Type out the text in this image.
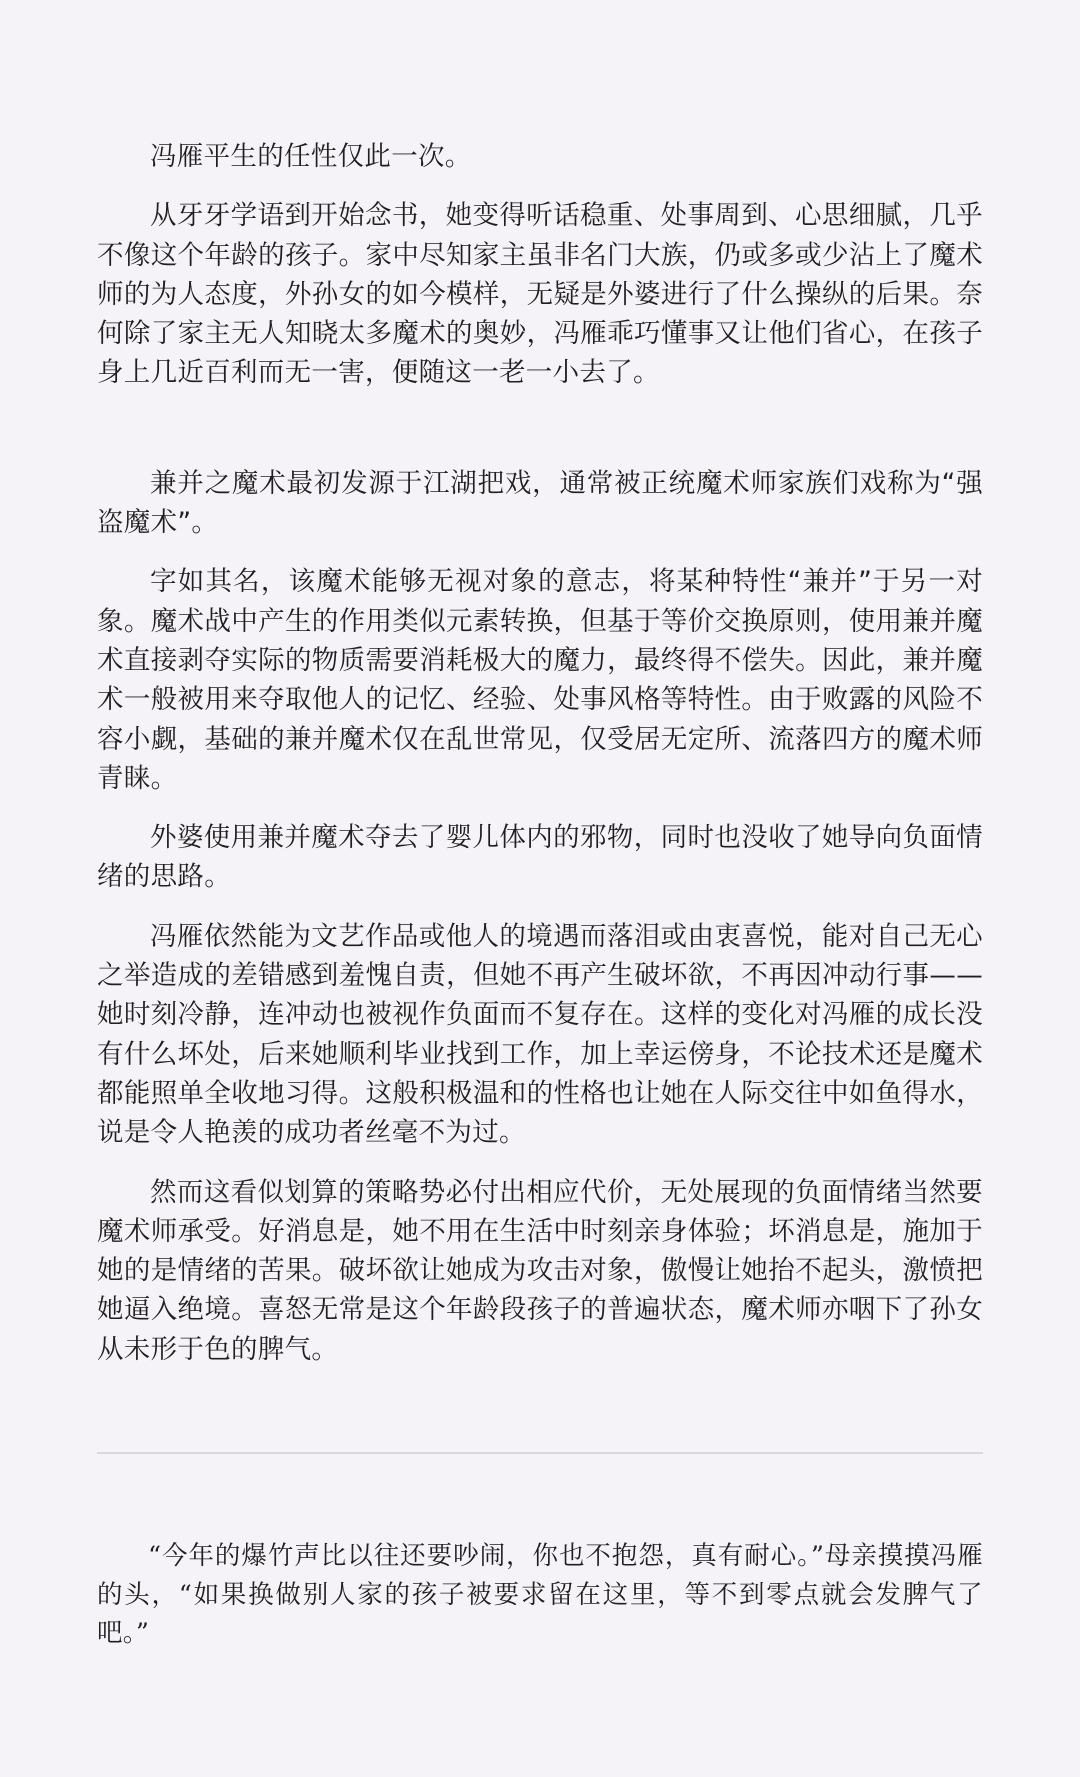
冯雁平生的任性仅此一次。

从牙牙学语到开始念书，她变得听话稳重、处事周到、心思细腻，几乎不像这个年龄的孩子。家中尽知家主虽非名门大族，仍或多或少沾上了魔术师的为人态度，外孙女的如今模样，无疑是外婆进行了什么操纵的后果。奈何除了家主无人知晓太多魔术的奥妙，冯雁乖巧懂事又让他们省心，在孩子身上几近百利而无一害，便随这一老一小去了。

兼并之魔术最初发源于江湖把戏，通常被正统魔术师家族们戏称为“强盗魔术”。

字如其名，该魔术能够无视对象的意志，将某种特性“兼并”于另一对象。魔术战中产生的作用类似元素转换，但基于等价交换原则，使用兼并魔术直接剥夺实际的物质需要消耗极大的魔力，最终得不偿失。因此，兼并魔术一般被用来夺取他人的记忆、经验、处事风格等特性。由于败露的风险不容小觑，基础的兼并魔术仅在乱世常见，仅受居无定所、流落四方的魔术师青睐。

外婆使用兼并魔术夺去了婴儿体内的邪物，同时也没收了她导向负面情绪的思路。

冯雁依然能为文艺作品或他人的境遇而落泪或由衷喜悦，能对自己无心之举造成的差错感到羞愧自责，但她不再产生破坏欲，不再因冲动行事——她时刻冷静，连冲动也被视作负面而不复存在。这样的变化对冯雁的成长没有什么坏处，后来她顺利毕业找到工作，加上幸运傍身，不论技术还是魔术都能照单全收地习得。这般积极温和的性格也让她在人际交往中如鱼得水，说是令人艳羡的成功者丝毫不为过。

然而这看似划算的策略势必付出相应代价，无处展现的负面情绪当然要魔术师承受。好消息是，她不用在生活中时刻亲身体验；坏消息是，施加于她的是情绪的苦果。破坏欲让她成为攻击对象，傲慢让她抬不起头，激愤把她逼入绝境。喜怒无常是这个年龄段孩子的普遍状态，魔术师亦咽下了孙女从未形于色的脾气。

“今年的爆竹声比以往还要吵闹，你也不抱怨，真有耐心。”母亲摸摸冯雁的头，“如果换做别人家的孩子被要求留在这里，等不到零点就会发脾气了吧。”
